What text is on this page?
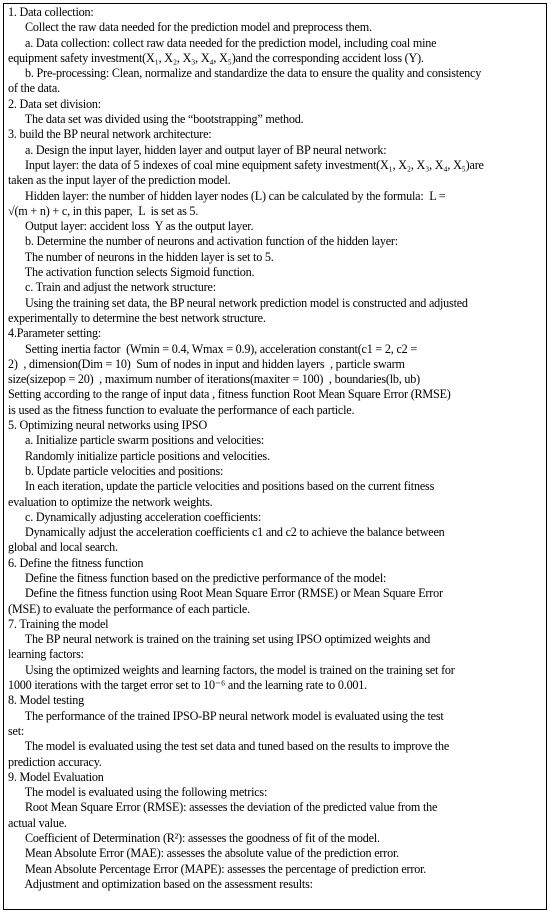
1. Data collection:
Collect the raw data needed for the prediction model and preprocess them.
a. Data collection: collect raw data needed for the prediction model, including coal mine
equipment safety investment(X₁, X₂, X₃, X₄, X₅)and the corresponding accident loss (Y).
b. Pre-processing: Clean, normalize and standardize the data to ensure the quality and consistency
of the data.
2. Data set division:
The data set was divided using the “bootstrapping” method.
3. build the BP neural network architecture:
a. Design the input layer, hidden layer and output layer of BP neural network:
Input layer: the data of 5 indexes of coal mine equipment safety investment(X₁, X₂, X₃, X₄, X₅)are
taken as the input layer of the prediction model.
Hidden layer: the number of hidden layer nodes (L) can be calculated by the formula:  L =
√(m + n) + c, in this paper,  L  is set as 5.
Output layer: accident loss  Y as the output layer.
b. Determine the number of neurons and activation function of the hidden layer:
The number of neurons in the hidden layer is set to 5.
The activation function selects Sigmoid function.
c. Train and adjust the network structure:
Using the training set data, the BP neural network prediction model is constructed and adjusted
experimentally to determine the best network structure.
4.Parameter setting:
Setting inertia factor  (Wmin = 0.4, Wmax = 0.9), acceleration constant(c1 = 2, c2 =
2)  , dimension(Dim = 10)  Sum of nodes in input and hidden layers  , particle swarm
size(sizepop = 20)  , maximum number of iterations(maxiter = 100)  , boundaries(lb, ub)
Setting according to the range of input data , fitness function Root Mean Square Error (RMSE)
is used as the fitness function to evaluate the performance of each particle.
5. Optimizing neural networks using IPSO
a. Initialize particle swarm positions and velocities:
Randomly initialize particle positions and velocities.
b. Update particle velocities and positions:
In each iteration, update the particle velocities and positions based on the current fitness
evaluation to optimize the network weights.
c. Dynamically adjusting acceleration coefficients:
Dynamically adjust the acceleration coefficients c1 and c2 to achieve the balance between
global and local search.
6. Define the fitness function
Define the fitness function based on the predictive performance of the model:
Define the fitness function using Root Mean Square Error (RMSE) or Mean Square Error
(MSE) to evaluate the performance of each particle.
7. Training the model
The BP neural network is trained on the training set using IPSO optimized weights and
learning factors:
Using the optimized weights and learning factors, the model is trained on the training set for
1000 iterations with the target error set to 10⁻⁶ and the learning rate to 0.001.
8. Model testing
The performance of the trained IPSO-BP neural network model is evaluated using the test
set:
The model is evaluated using the test set data and tuned based on the results to improve the
prediction accuracy.
9. Model Evaluation
The model is evaluated using the following metrics:
Root Mean Square Error (RMSE): assesses the deviation of the predicted value from the
actual value.
Coefficient of Determination (R²): assesses the goodness of fit of the model.
Mean Absolute Error (MAE): assesses the absolute value of the prediction error.
Mean Absolute Percentage Error (MAPE): assesses the percentage of prediction error.
Adjustment and optimization based on the assessment results:
